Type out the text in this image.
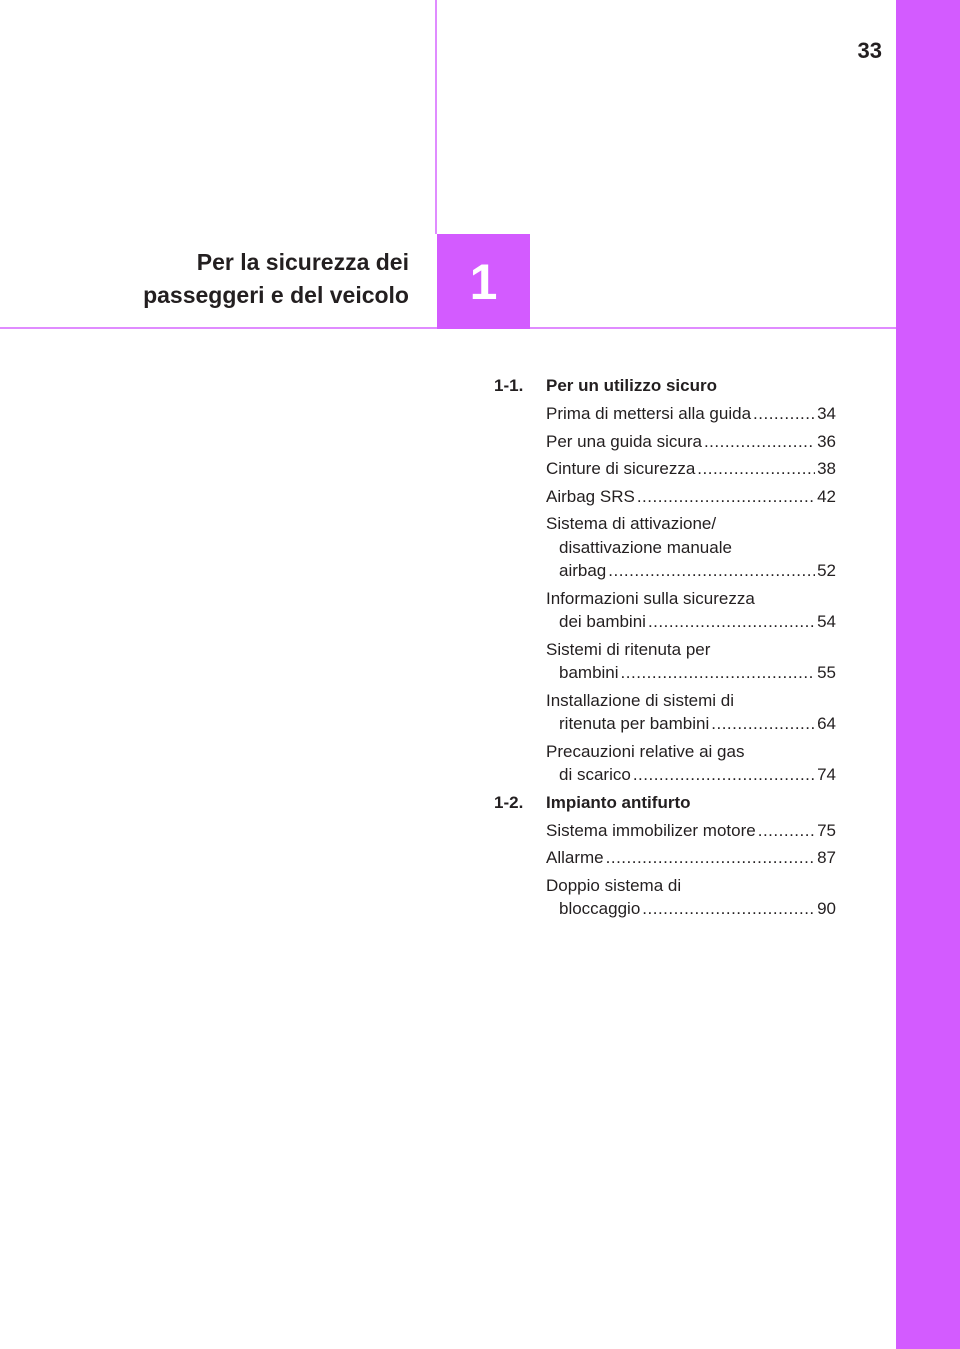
33
Per la sicurezza dei
passeggeri e del veicolo	1
1-1.	Per un utilizzo sicuro
Prima di mettersi alla guida .....	34
Per una guida sicura .....	36
Cinture di sicurezza .....	38
Airbag SRS .....	42
Sistema di attivazione/
disattivazione manuale
airbag .....	52
Informazioni sulla sicurezza
dei bambini .....	54
Sistemi di ritenuta per
bambini .....	55
Installazione di sistemi di
ritenuta per bambini .....	64
Precauzioni relative ai gas
di scarico .....	74
1-2.	Impianto antifurto
Sistema immobilizer motore .....	75
Allarme .....	87
Doppio sistema di
bloccaggio .....	90
